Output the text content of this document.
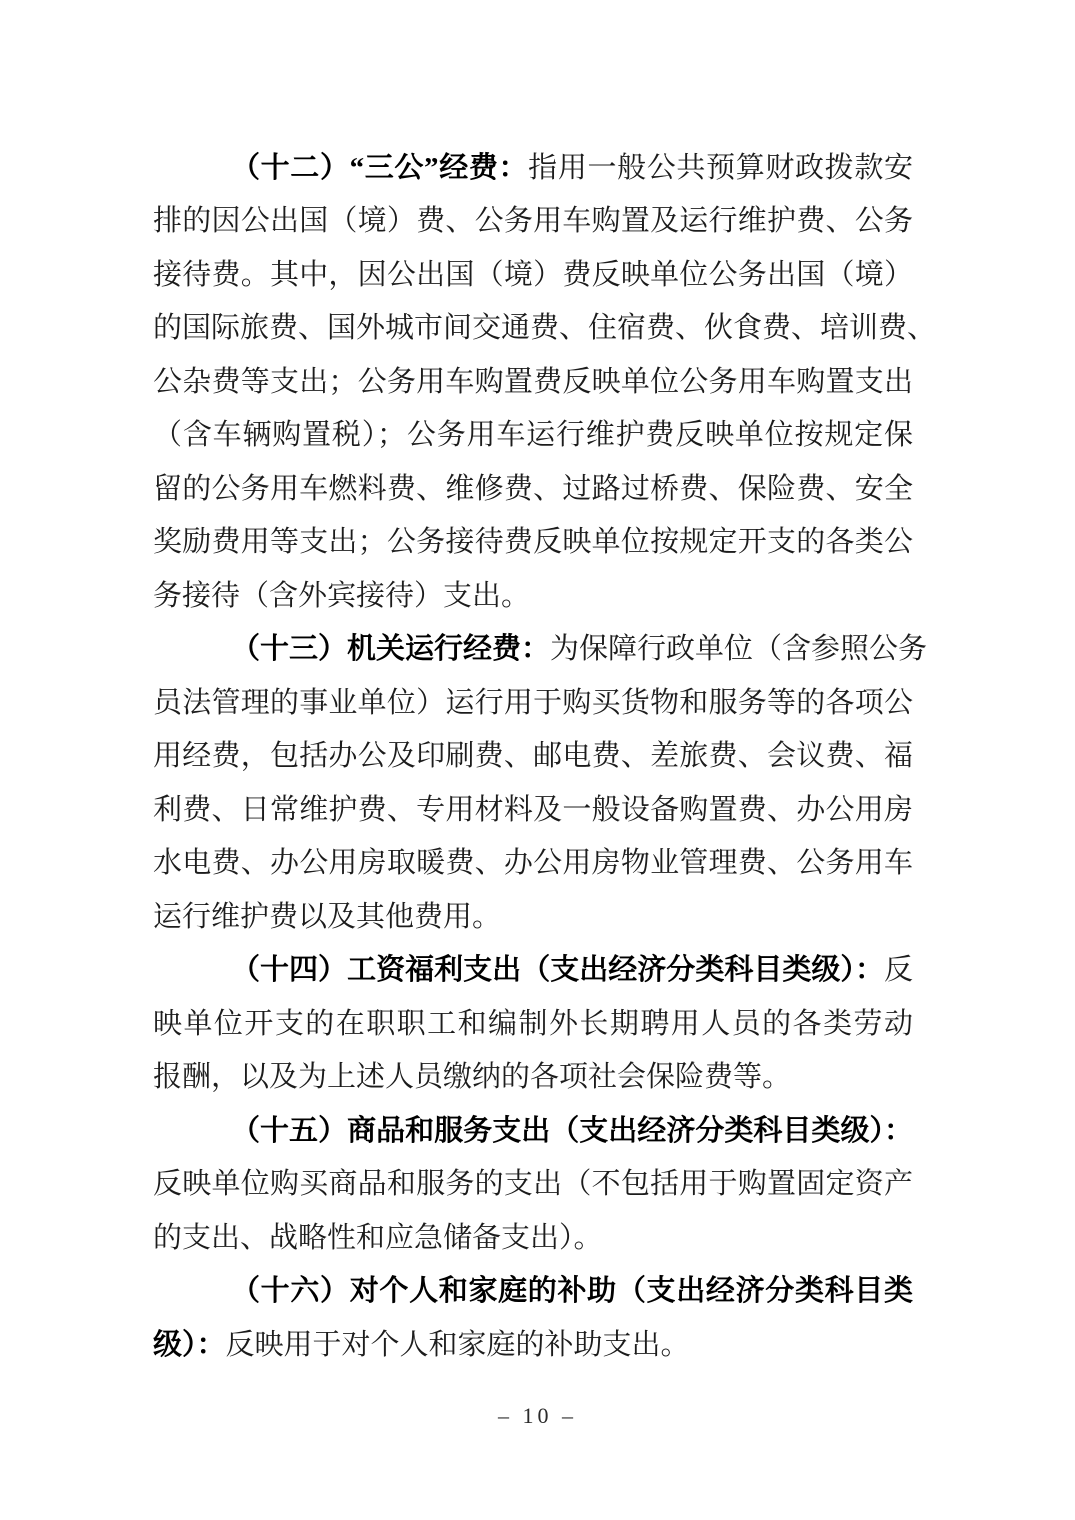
（十二）“三公”经费：指用一般公共预算财政拨款安
排的因公出国（境）费、公务用车购置及运行维护费、公务
接待费。其中，因公出国（境）费反映单位公务出国（境）
的国际旅费、国外城市间交通费、住宿费、伙食费、培训费、
公杂费等支出；公务用车购置费反映单位公务用车购置支出
（含车辆购置税）；公务用车运行维护费反映单位按规定保
留的公务用车燃料费、维修费、过路过桥费、保险费、安全
奖励费用等支出；公务接待费反映单位按规定开支的各类公
务接待（含外宾接待）支出。
（十三）机关运行经费：为保障行政单位（含参照公务
员法管理的事业单位）运行用于购买货物和服务等的各项公
用经费，包括办公及印刷费、邮电费、差旅费、会议费、福
利费、日常维护费、专用材料及一般设备购置费、办公用房
水电费、办公用房取暖费、办公用房物业管理费、公务用车
运行维护费以及其他费用。
（十四）工资福利支出（支出经济分类科目类级）：反
映单位开支的在职职工和编制外长期聘用人员的各类劳动
报酬，以及为上述人员缴纳的各项社会保险费等。
（十五）商品和服务支出（支出经济分类科目类级）：
反映单位购买商品和服务的支出（不包括用于购置固定资产
的支出、战略性和应急储备支出）。
（十六）对个人和家庭的补助（支出经济分类科目类
级）：反映用于对个人和家庭的补助支出。
– 10 –
